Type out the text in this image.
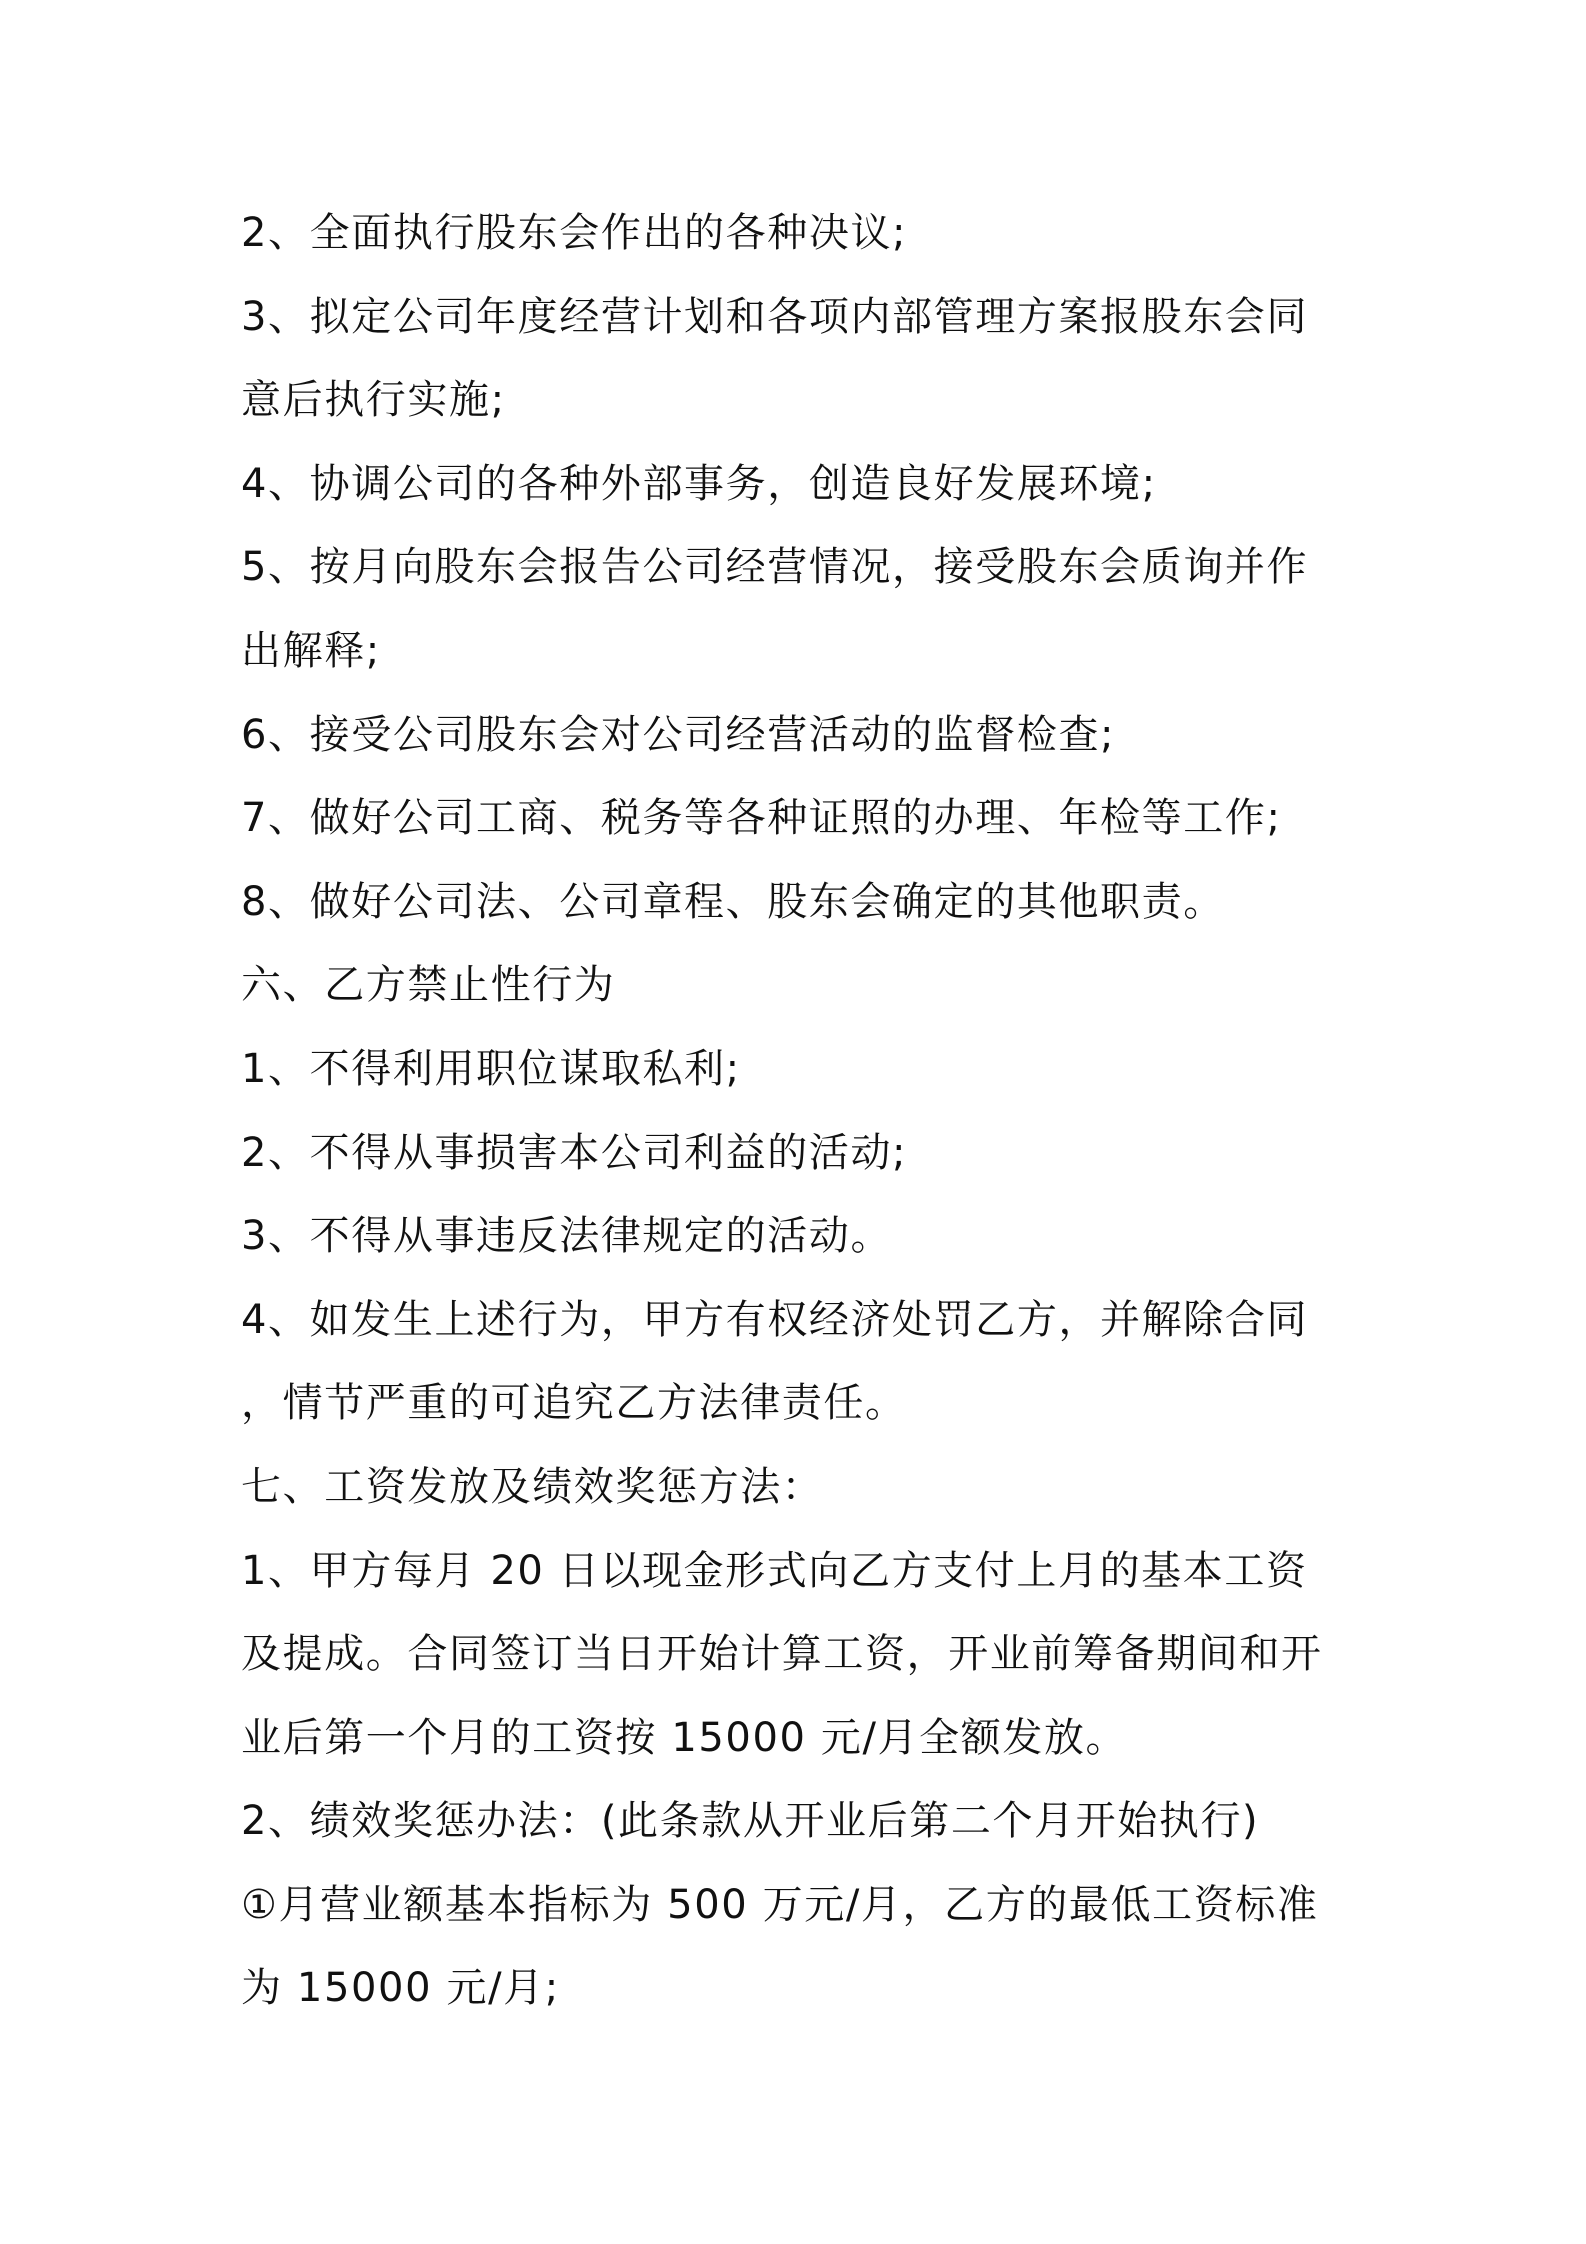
2、全面执行股东会作出的各种决议;
3、拟定公司年度经营计划和各项内部管理方案报股东会同
意后执行实施;
4、协调公司的各种外部事务，创造良好发展环境;
5、按月向股东会报告公司经营情况，接受股东会质询并作
出解释;
6、接受公司股东会对公司经营活动的监督检查;
7、做好公司工商、税务等各种证照的办理、年检等工作;
8、做好公司法、公司章程、股东会确定的其他职责。
六、乙方禁止性行为
1、不得利用职位谋取私利;
2、不得从事损害本公司利益的活动;
3、不得从事违反法律规定的活动。
4、如发生上述行为，甲方有权经济处罚乙方，并解除合同
，情节严重的可追究乙方法律责任。
七、工资发放及绩效奖惩方法：
1、甲方每月 20 日以现金形式向乙方支付上月的基本工资
及提成。合同签订当日开始计算工资，开业前筹备期间和开
业后第一个月的工资按 15000 元/月全额发放。
2、绩效奖惩办法：(此条款从开业后第二个月开始执行)
①月营业额基本指标为 500 万元/月，乙方的最低工资标准
为 15000 元/月;
